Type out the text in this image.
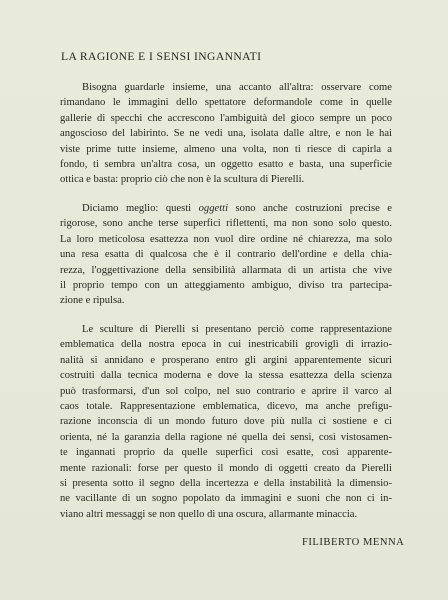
LA RAGIONE E I SENSI INGANNATI
Bisogna guardarle insieme, una accanto all'altra: osservare come
rimandano le immagini dello spettatore deformandole come in quelle
gallerie di specchi che accrescono l'ambiguità del gioco sempre un poco
angoscioso del labirinto. Se ne vedi una, isolata dalle altre, e non le hai
viste prime tutte insieme, almeno una volta, non ti riesce di capirla a
fondo, ti sembra un'altra cosa, un oggetto esatto e basta, una superficie
ottica e basta: proprio ciò che non è la scultura di Pierelli.
Diciamo meglio: questi oggetti sono anche costruzioni precise e
rigorose, sono anche terse superfici riflettenti, ma non sono solo questo.
La loro meticolosa esattezza non vuol dire ordine né chiarezza, ma solo
una resa esatta di qualcosa che è il contrario dell'ordine e della chia-
rezza, l'oggettivazione della sensibilità allarmata di un artista che vive
il proprio tempo con un atteggiamento ambiguo, diviso tra partecipa-
zione e ripulsa.
Le sculture di Pierelli si presentano perciò come rappresentazione
emblematica della nostra epoca in cui inestricabili groviglì di irrazio-
nalità si annidano e prosperano entro gli argini apparentemente sicuri
costruiti dalla tecnica moderna e dove la stessa esattezza della scienza
può trasformarsi, d'un sol colpo, nel suo contrario e aprire il varco al
caos totale. Rappresentazione emblematica, dicevo, ma anche prefigu-
razione inconscia di un mondo futuro dove più nulla ci sostiene e ci
orienta, né la garanzia della ragione né quella dei sensi, così vistosamen-
te ingannati proprio da quelle superfici così esatte, così apparente-
mente razionali: forse per questo il mondo di oggetti creato da Pierelli
si presenta sotto il segno della incertezza e della instabilità la dimensio-
ne vacillante di un sogno popolato da immagini e suoni che non ci in-
viano altri messaggi se non quello di una oscura, allarmante minaccia.
FILIBERTO MENNA
